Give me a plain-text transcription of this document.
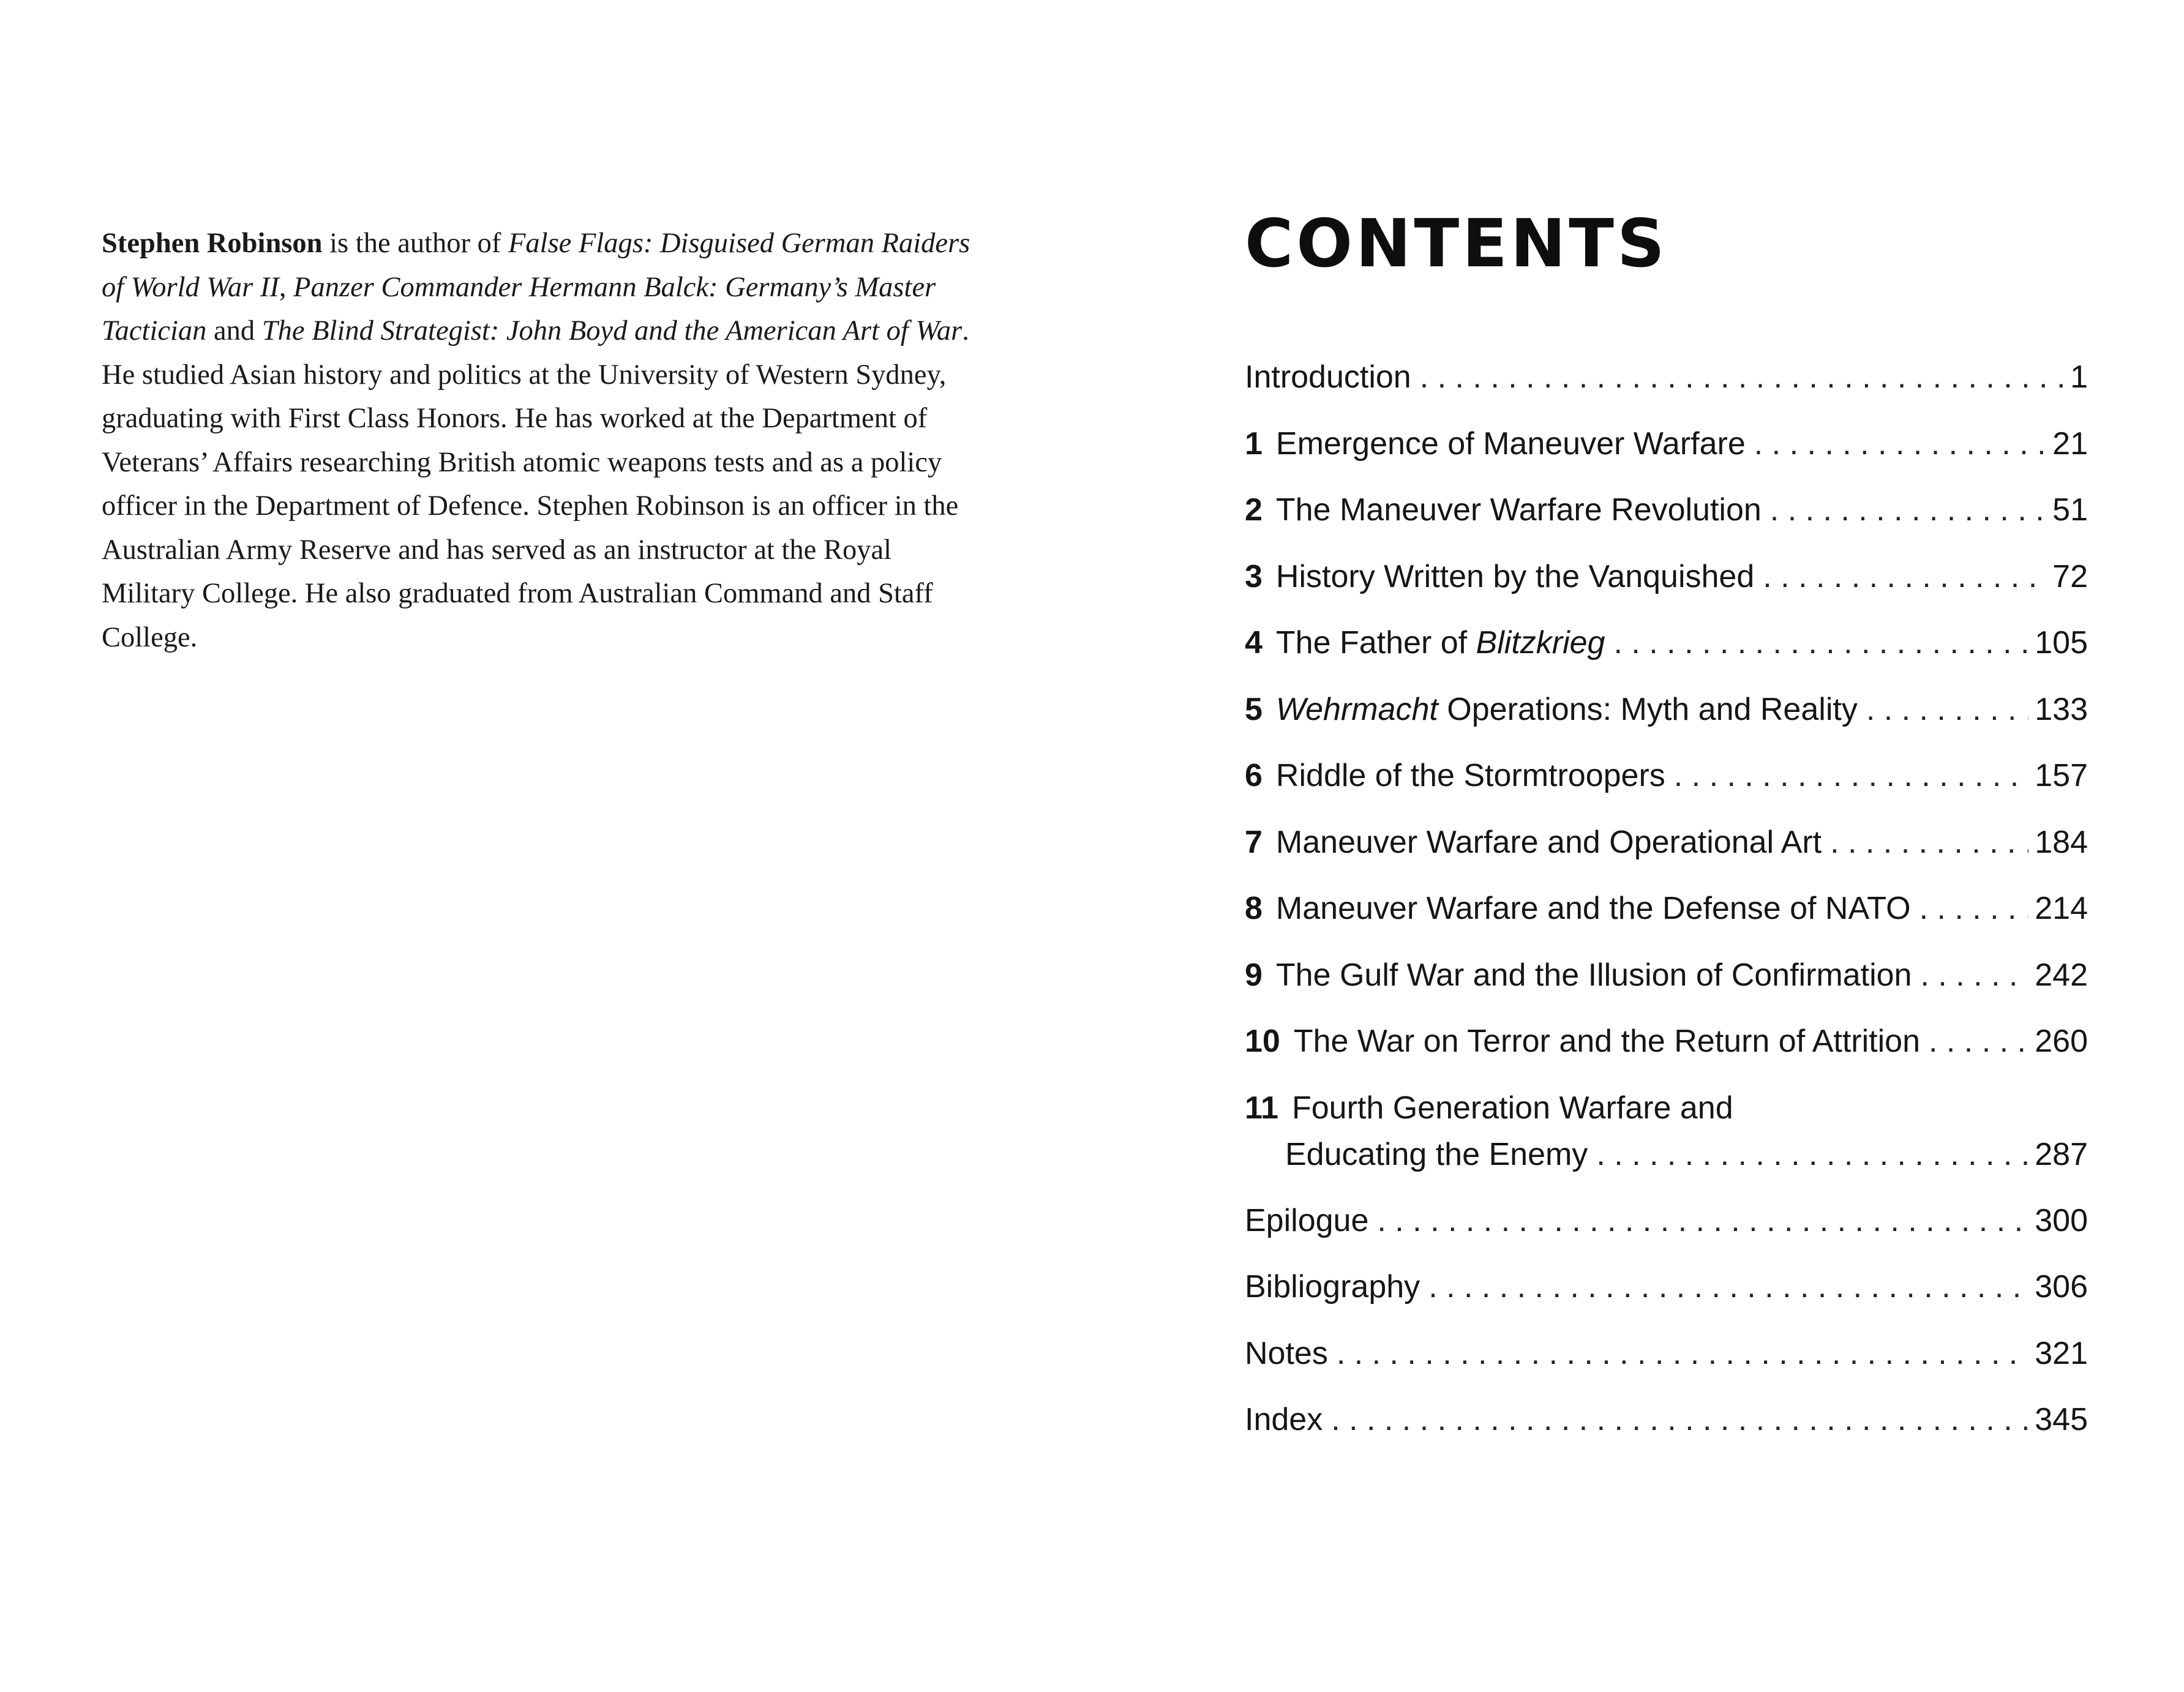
Stephen Robinson is the author of False Flags: Disguised German Raiders of World War II, Panzer Commander Hermann Balck: Germany’s Master Tactician and The Blind Strategist: John Boyd and the American Art of War. He studied Asian history and politics at the University of Western Sydney, graduating with First Class Honors. He has worked at the Department of Veterans’ Affairs researching British atomic weapons tests and as a policy officer in the Department of Defence. Stephen Robinson is an officer in the Australian Army Reserve and has served as an instructor at the Royal Military College. He also graduated from Australian Command and Staff College.

CONTENTS
Introduction . . .	1
1 Emergence of Maneuver Warfare . . .	21
2 The Maneuver Warfare Revolution . . .	51
3 History Written by the Vanquished . . .	72
4 The Father of Blitzkrieg . . .	105
5 Wehrmacht Operations: Myth and Reality . . .	133
6 Riddle of the Stormtroopers . . .	157
7 Maneuver Warfare and Operational Art . . .	184
8 Maneuver Warfare and the Defense of NATO . . .	214
9 The Gulf War and the Illusion of Confirmation . . .	242
10 The War on Terror and the Return of Attrition . . .	260
11 Fourth Generation Warfare and
Educating the Enemy . . .	287
Epilogue . . .	300
Bibliography . . .	306
Notes . . .	321
Index . . .	345
